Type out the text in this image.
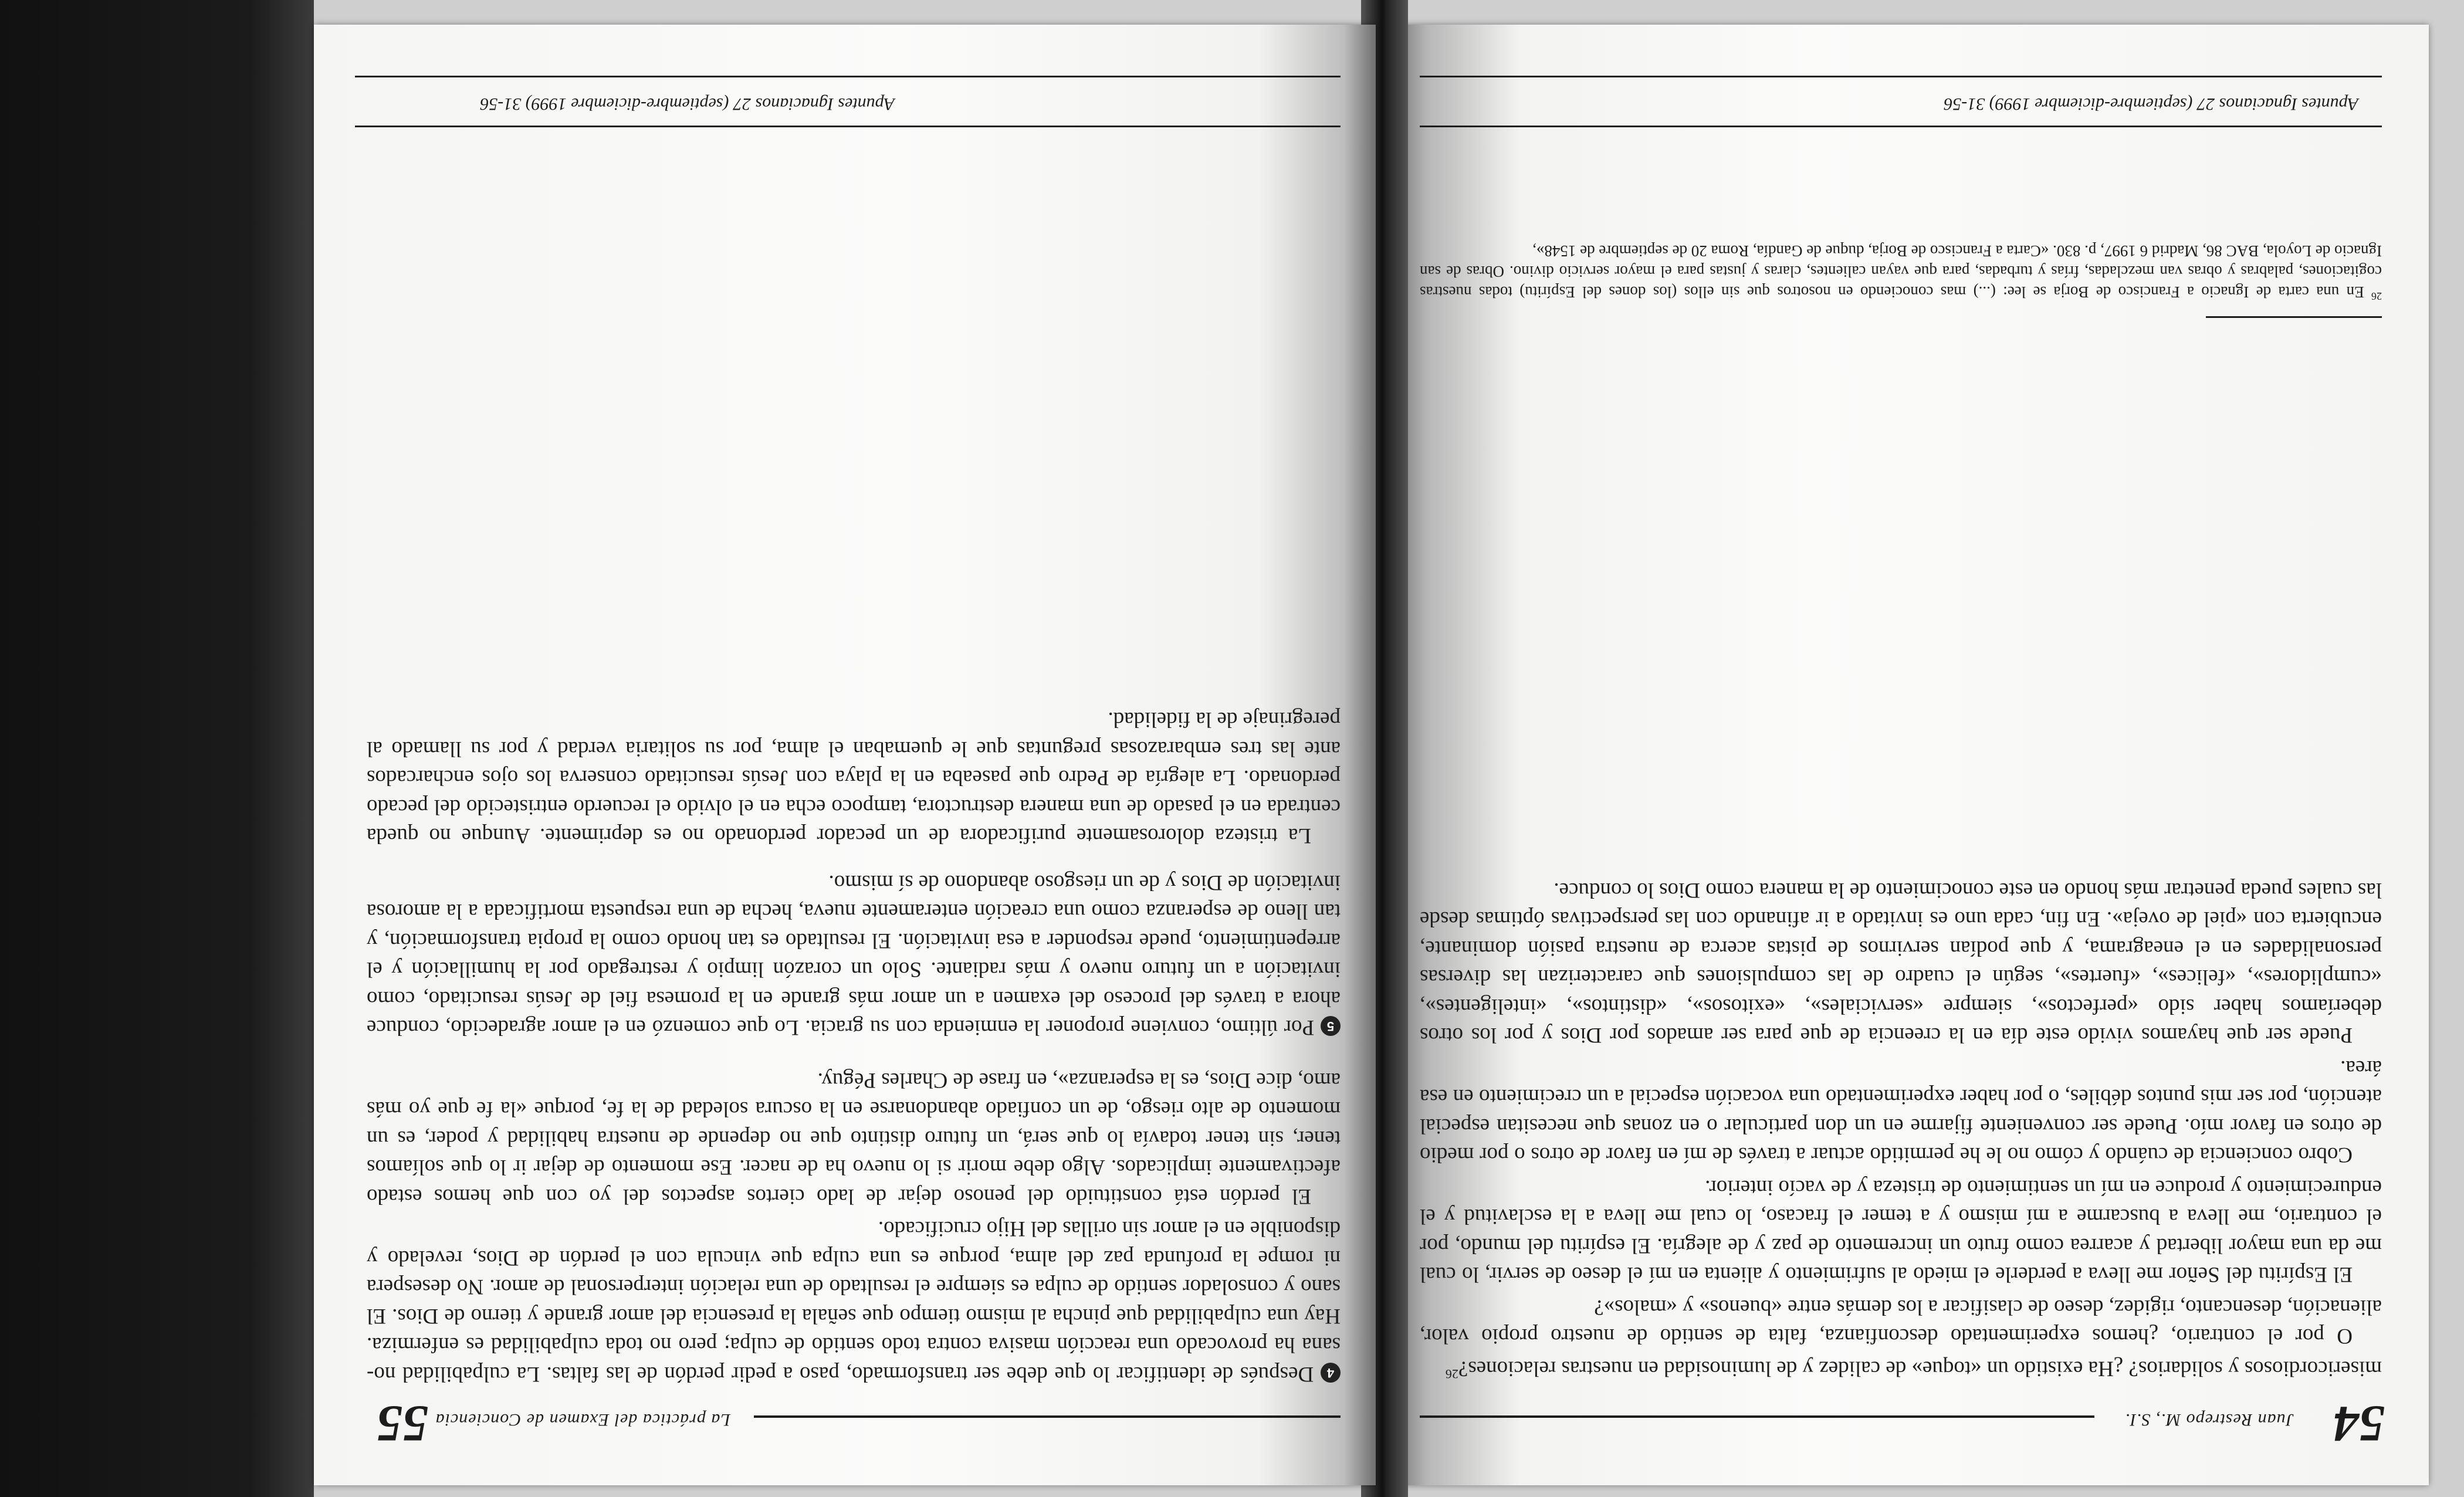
54
Juan Restrepo M., S.I.

misericordiosos y solidarios? ¿Ha existido un «toque» de calidez y de luminosidad en nuestras relaciones?$^{26}$

O por el contrario, ¿hemos experimentado desconfianza, falta de sentido de nuestro propio valor, alienación, desencanto, rigidez, deseo de clasificar a los demás entre «buenos» y «malos»?

El Espíritu del Señor me lleva a perderle el miedo al sufrimiento y alienta en mí el deseo de servir, lo cual me da una mayor libertad y acarrea como fruto un incremento de paz y de alegría. El espíritu del mundo, por el contrario, me lleva a buscarme a mí mismo y a temer el fracaso, lo cual me lleva a la esclavitud y el endurecimiento y produce en mí un sentimiento de tristeza y de vacío interior.

Cobro conciencia de cuándo y cómo no le he permitido actuar a través de mí en favor de otros o por medio de otros en favor mío. Puede ser conveniente fijarme en un don particular o en zonas que necesitan especial atención, por ser mis puntos débiles, o por haber experimentado una vocación especial a un crecimiento en esa área.

Puede ser que hayamos vivido este día en la creencia de que para ser amados por Dios y por los otros deberíamos haber sido «perfectos», siempre «serviciales», «exitosos», «distintos», «inteligentes», «cumplidores», «felices», «fuertes», según el cuadro de las compulsiones que caracterizan las diversas personalidades en el eneagrama, y que podían servirnos de pistas acerca de nuestra pasión dominante, encubierta con «piel de oveja». En fin, cada uno es invitado a ir afinando con las perspectivas óptimas desde las cuales pueda penetrar más hondo en este conocimiento de la manera como Dios lo conduce.

$^{26}$ En una carta de Ignacio a Francisco de Borja se lee: (...) mas conociendo en nosotros que sin ellos (los dones del Espíritu) todas nuestras cogitaciones, palabras y obras van mezcladas, frías y turbadas, para que vayan calientes, claras y justas para el mayor servicio divino. Obras de san Ignacio de Loyola, BAC 86, Madrid 6 1997, p. 830. «Carta a Francisco de Borja, duque de Gandía, Roma 20 de septiembre de 1548»,

Apuntes Ignacianos 27 (septiembre-diciembre 1999) 31-56
La práctica del Examen de Conciencia
55

4 Después de identificar lo que debe ser transformado, paso a pedir perdón de las faltas. La culpabilidad no-sana ha provocado una reacción masiva contra todo sentido de culpa; pero no toda culpabilidad es enfermiza. Hay una culpabilidad que pincha al mismo tiempo que señala la presencia del amor grande y tierno de Dios. El sano y consolador sentido de culpa es siempre el resultado de una relación interpersonal de amor. No desespera ni rompe la profunda paz del alma, porque es una culpa que vincula con el perdón de Dios, revelado y disponible en el amor sin orillas del Hijo crucificado.

El perdón está constituido del penoso dejar de lado ciertos aspectos del yo con que hemos estado afectivamente implicados. Algo debe morir si lo nuevo ha de nacer. Ese momento de dejar ir lo que solíamos tener, sin tener todavía lo que será, un futuro distinto que no depende de nuestra habilidad y poder, es un momento de alto riesgo, de un confiado abandonarse en la oscura soledad de la fe, porque «la fe que yo más amo, dice Dios, es la esperanza», en frase de Charles Péguy.

5 Por último, conviene proponer la enmienda con su gracia. Lo que comenzó en el amor agradecido, conduce ahora a través del proceso del examen a un amor más grande en la promesa fiel de Jesús resucitado, como invitación a un futuro nuevo y más radiante. Solo un corazón limpio y restregado por la humillación y el arrepentimiento, puede responder a esa invitación. El resultado es tan hondo como la propia transformación, y tan lleno de esperanza como una creación enteramente nueva, hecha de una respuesta mortificada a la amorosa invitación de Dios y de un riesgoso abandono de sí mismo.

La tristeza dolorosamente purificadora de un pecador perdonado no es deprimente. Aunque no queda centrada en el pasado de una manera destructora, tampoco echa en el olvido el recuerdo entristecido del pecado perdonado. La alegría de Pedro que paseaba en la playa con Jesús resucitado conserva los ojos encharcados ante las tres embarazosas preguntas que le quemaban el alma, por su solitaria verdad y por su llamado al peregrinaje de la fidelidad.

Apuntes Ignacianos 27 (septiembre-diciembre 1999) 31-56
